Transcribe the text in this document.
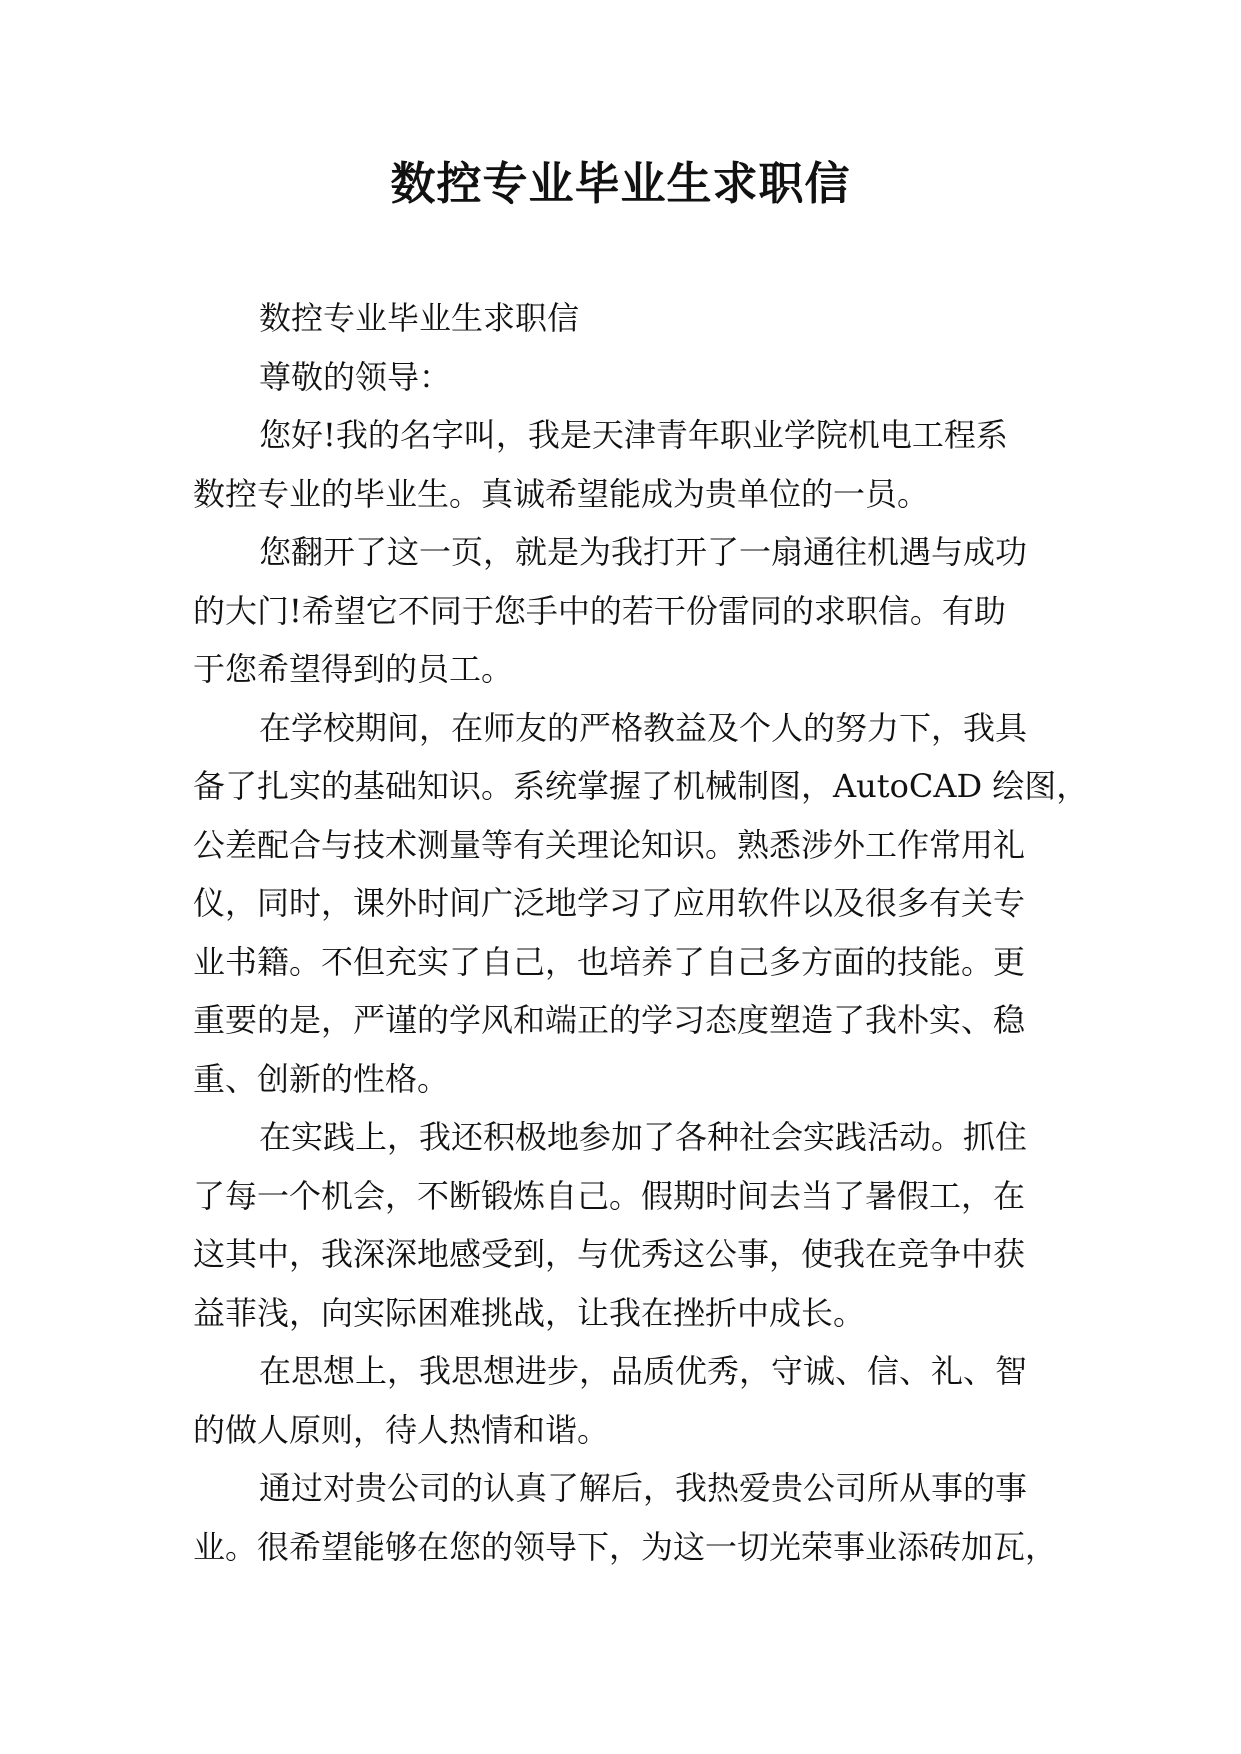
数控专业毕业生求职信
数控专业毕业生求职信
尊敬的领导：
您好!我的名字叫，我是天津青年职业学院机电工程系
数控专业的毕业生。真诚希望能成为贵单位的一员。
您翻开了这一页，就是为我打开了一扇通往机遇与成功
的大门!希望它不同于您手中的若干份雷同的求职信。有助
于您希望得到的员工。
在学校期间，在师友的严格教益及个人的努力下，我具
备了扎实的基础知识。系统掌握了机械制图，AutoCAD 绘图，
公差配合与技术测量等有关理论知识。熟悉涉外工作常用礼
仪，同时，课外时间广泛地学习了应用软件以及很多有关专
业书籍。不但充实了自己，也培养了自己多方面的技能。更
重要的是，严谨的学风和端正的学习态度塑造了我朴实、稳
重、创新的性格。
在实践上，我还积极地参加了各种社会实践活动。抓住
了每一个机会，不断锻炼自己。假期时间去当了暑假工，在
这其中，我深深地感受到，与优秀这公事，使我在竞争中获
益菲浅，向实际困难挑战，让我在挫折中成长。
在思想上，我思想进步，品质优秀，守诚、信、礼、智
的做人原则，待人热情和谐。
通过对贵公司的认真了解后，我热爱贵公司所从事的事
业。很希望能够在您的领导下，为这一切光荣事业添砖加瓦，
